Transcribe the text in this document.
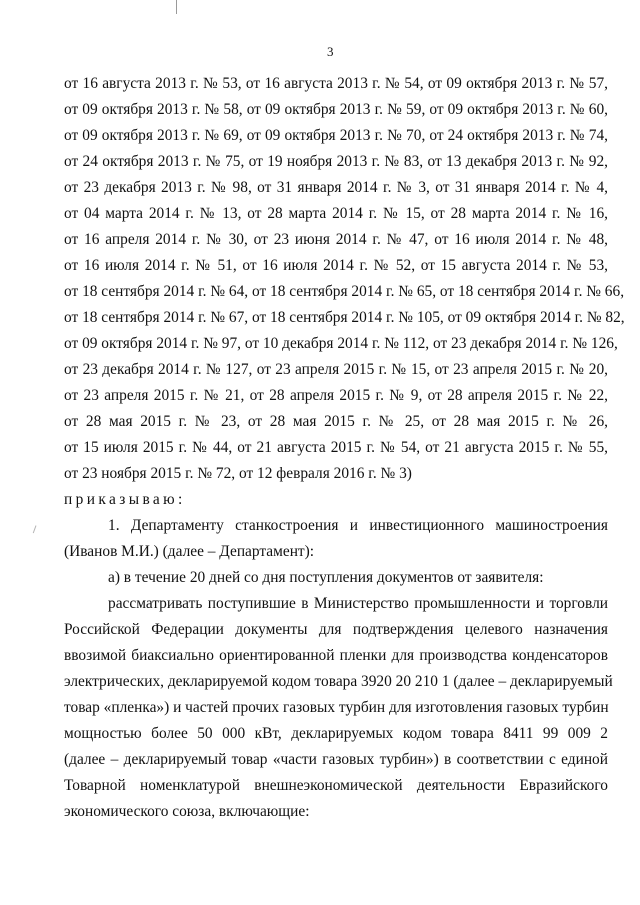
3
от 16 августа 2013 г. № 53, от 16 августа 2013 г. № 54, от 09 октября 2013 г. № 57,
от 09 октября 2013 г. № 58, от 09 октября 2013 г. № 59, от 09 октября 2013 г. № 60,
от 09 октября 2013 г. № 69, от 09 октября 2013 г. № 70, от 24 октября 2013 г. № 74,
от 24 октября 2013 г. № 75, от 19 ноября 2013 г. № 83, от 13 декабря 2013 г. № 92,
от 23 декабря 2013 г. № 98, от 31 января 2014 г. № 3, от 31 января 2014 г. № 4,
от 04 марта 2014 г. № 13, от 28 марта 2014 г. № 15, от 28 марта 2014 г. № 16,
от 16 апреля 2014 г. № 30, от 23 июня 2014 г. № 47, от 16 июля 2014 г. № 48,
от 16 июля 2014 г. № 51, от 16 июля 2014 г. № 52, от 15 августа 2014 г. № 53,
от 18 сентября 2014 г. № 64, от 18 сентября 2014 г. № 65, от 18 сентября 2014 г. № 66,
от 18 сентября 2014 г. № 67, от 18 сентября 2014 г. № 105, от 09 октября 2014 г. № 82,
от 09 октября 2014 г. № 97, от 10 декабря 2014 г. № 112, от 23 декабря 2014 г. № 126,
от 23 декабря 2014 г. № 127, от 23 апреля 2015 г. № 15, от 23 апреля 2015 г. № 20,
от 23 апреля 2015 г. № 21, от 28 апреля 2015 г. № 9, от 28 апреля 2015 г. № 22,
от 28 мая 2015 г. № 23, от 28 мая 2015 г. № 25, от 28 мая 2015 г. № 26,
от 15 июля 2015 г. № 44, от 21 августа 2015 г. № 54, от 21 августа 2015 г. № 55,
от 23 ноября 2015 г. № 72, от 12 февраля 2016 г. № 3)
приказываю:
1. Департаменту станкостроения и инвестиционного машиностроения
(Иванов М.И.) (далее – Департамент):
а) в течение 20 дней со дня поступления документов от заявителя:
рассматривать поступившие в Министерство промышленности и торговли
Российской Федерации документы для подтверждения целевого назначения
ввозимой биаксиально ориентированной пленки для производства конденсаторов
электрических, декларируемой кодом товара 3920 20 210 1 (далее – декларируемый
товар «пленка») и частей прочих газовых турбин для изготовления газовых турбин
мощностью более 50 000 кВт, декларируемых кодом товара 8411 99 009 2
(далее – декларируемый товар «части газовых турбин») в соответствии с единой
Товарной номенклатурой внешнеэкономической деятельности Евразийского
экономического союза, включающие:
